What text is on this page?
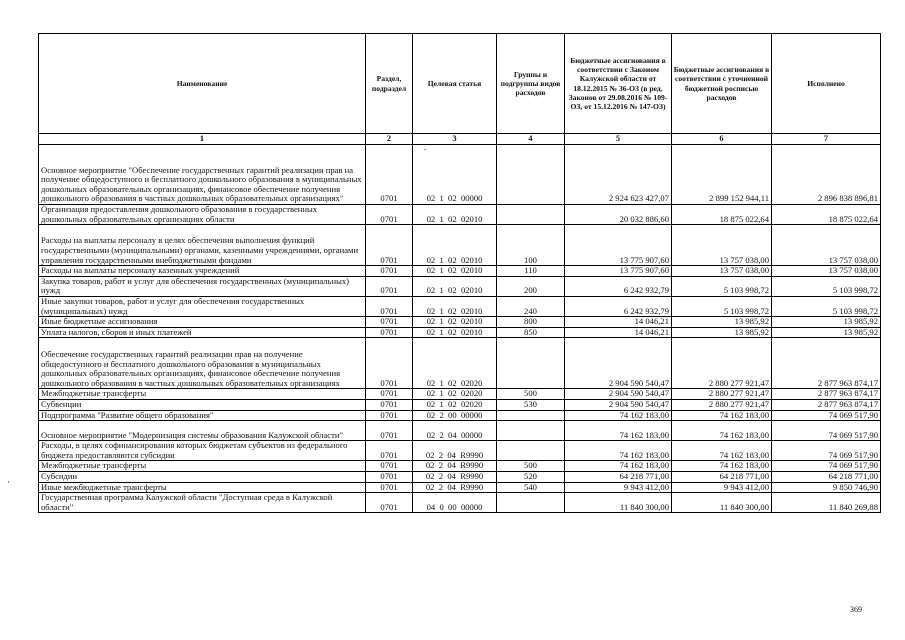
Наименование	Раздел, подраздел	Целевая статья	Группы и подгруппы видов расходов	Бюджетные ассигнования в соответствии с Законом Калужской области от 18.12.2015 № 36-ОЗ (в ред. Законов от 29.08.2016 № 109-ОЗ, от 15.12.2016 № 147-ОЗ)	Бюджетные ассигнования в соответствии с уточненной бюджетной росписью расходов	Исполнено
1	2	3	4	5	6	7
Основное мероприятие "Обеспечение государственных гарантий реализации прав на получение общедоступного и бесплатного дошкольного образования в муниципальных дошкольных образовательных организациях, финансовое обеспечение получения дошкольного образования в частных дошкольных образовательных организациях"	0701	02  1  02  00000		2 924 623 427,07	2 899 152 944,11	2 896 838 896,81
Организация предоставления дошкольного образования в государственных дошкольных образовательных организациях области	0701	02  1  02  02010		20 032 886,60	18 875 022,64	18 875 022,64
Расходы на выплаты персоналу в целях обеспечения выполнения функций государственными (муниципальными) органами, казенными учреждениями, органами управления государственными внебюджетными фондами	0701	02  1  02  02010	100	13 775 907,60	13 757 038,00	13 757 038,00
Расходы на выплаты персоналу казенных учреждений	0701	02  1  02  02010	110	13 775 907,60	13 757 038,00	13 757 038,00
Закупка товаров, работ и услуг для обеспечения государственных (муниципальных) нужд	0701	02  1  02  02010	200	6 242 932,79	5 103 998,72	5 103 998,72
Иные закупки товаров, работ и услуг для обеспечения государственных (муниципальных) нужд	0701	02  1  02  02010	240	6 242 932,79	5 103 998,72	5 103 998,72
Иные бюджетные ассигнования	0701	02  1  02  02010	800	14 046,21	13 985,92	13 985,92
Уплата налогов, сборов и иных платежей	0701	02  1  02  02010	850	14 046,21	13 985,92	13 985,92
Обеспечение государственных гарантий реализации прав на получение общедоступного и бесплатного дошкольного образования в муниципальных дошкольных образовательных организациях, финансовое обеспечение получения дошкольного образования в частных дошкольных образовательных организациях	0701	02  1  02  02020		2 904 590 540,47	2 880 277 921,47	2 877 963 874,17
Межбюджетные трансферты	0701	02  1  02  02020	500	2 904 590 540,47	2 880 277 921,47	2 877 963 874,17
Субвенции	0701	02  1  02  02020	530	2 904 590 540,47	2 880 277 921,47	2 877 963 874,17
Подпрограмма "Развитие общего образования"	0701	02  2  00  00000		74 162 183,00	74 162 183,00	74 069 517,90
Основное мероприятие "Модернизация системы образования Калужской области"	0701	02  2  04  00000		74 162 183,00	74 162 183,00	74 069 517,90
Расходы, в целях софинансирования которых бюджетам субъектов из федерального бюджета предоставляются субсидии	0701	02  2  04  R9990		74 162 183,00	74 162 183,00	74 069 517,90
Межбюджетные трансферты	0701	02  2  04  R9990	500	74 162 183,00	74 162 183,00	74 069 517,90
Субсидии	0701	02  2  04  R9990	520	64 218 771,00	64 218 771,00	64 218 771,00
Иные межбюджетные трансферты	0701	02  2  04  R9990	540	9 943 412,00	9 943 412,00	9 850 746,90
Государственная программа Калужской области "Доступная среда в Калужской области"	0701	04  0  00  00000		11 840 300,00	11 840 300,00	11 840 269,88
ˇ
·
369
